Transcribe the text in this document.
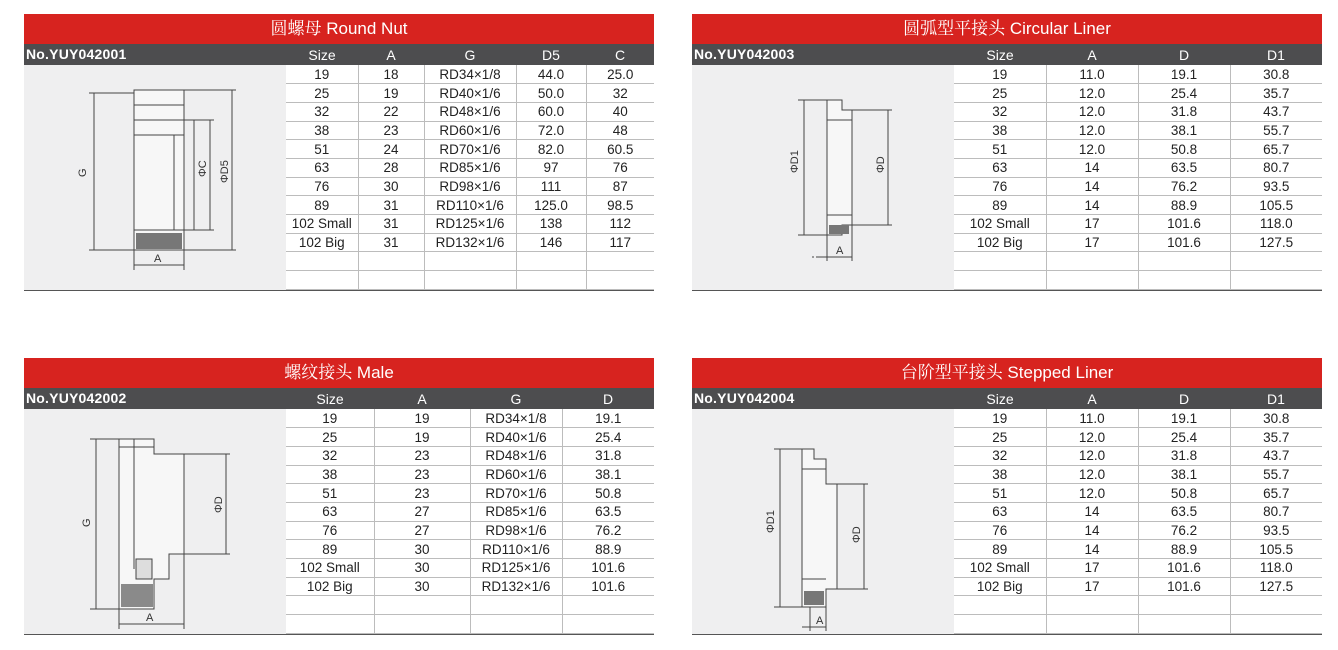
圆螺母 Round Nut
No.YUY042001
G
A
ΦC ΦD5
Size	A	G	D5	C
19	18	RD34×1/8	44.0	25.0
25	19	RD40×1/6	50.0	32
32	22	RD48×1/6	60.0	40
38	23	RD60×1/6	72.0	48
51	24	RD70×1/6	82.0	60.5
63	28	RD85×1/6	97	76
76	30	RD98×1/6	111	87
89	31	RD110×1/6	125.0	98.5
102 Small	31	RD125×1/6	138	112
102 Big	31	RD132×1/6	146	117

圆弧型平接头 Circular Liner
No.YUY042003
ΦD1	ΦD
A
Size	A	D	D1
19	11.0	19.1	30.8
25	12.0	25.4	35.7
32	12.0	31.8	43.7
38	12.0	38.1	55.7
51	12.0	50.8	65.7
63	14	63.5	80.7
76	14	76.2	93.5
89	14	88.9	105.5
102 Small	17	101.6	118.0
102 Big	17	101.6	127.5

螺纹接头 Male
No.YUY042002
G
ΦD
A
Size	A	G	D
19	19	RD34×1/8	19.1
25	19	RD40×1/6	25.4
32	23	RD48×1/6	31.8
38	23	RD60×1/6	38.1
51	23	RD70×1/6	50.8
63	27	RD85×1/6	63.5
76	27	RD98×1/6	76.2
89	30	RD110×1/6	88.9
102 Small	30	RD125×1/6	101.6
102 Big	30	RD132×1/6	101.6

台阶型平接头 Stepped Liner
No.YUY042004
ΦD1
ΦD
A
Size	A	D	D1
19	11.0	19.1	30.8
25	12.0	25.4	35.7
32	12.0	31.8	43.7
38	12.0	38.1	55.7
51	12.0	50.8	65.7
63	14	63.5	80.7
76	14	76.2	93.5
89	14	88.9	105.5
102 Small	17	101.6	118.0
102 Big	17	101.6	127.5
